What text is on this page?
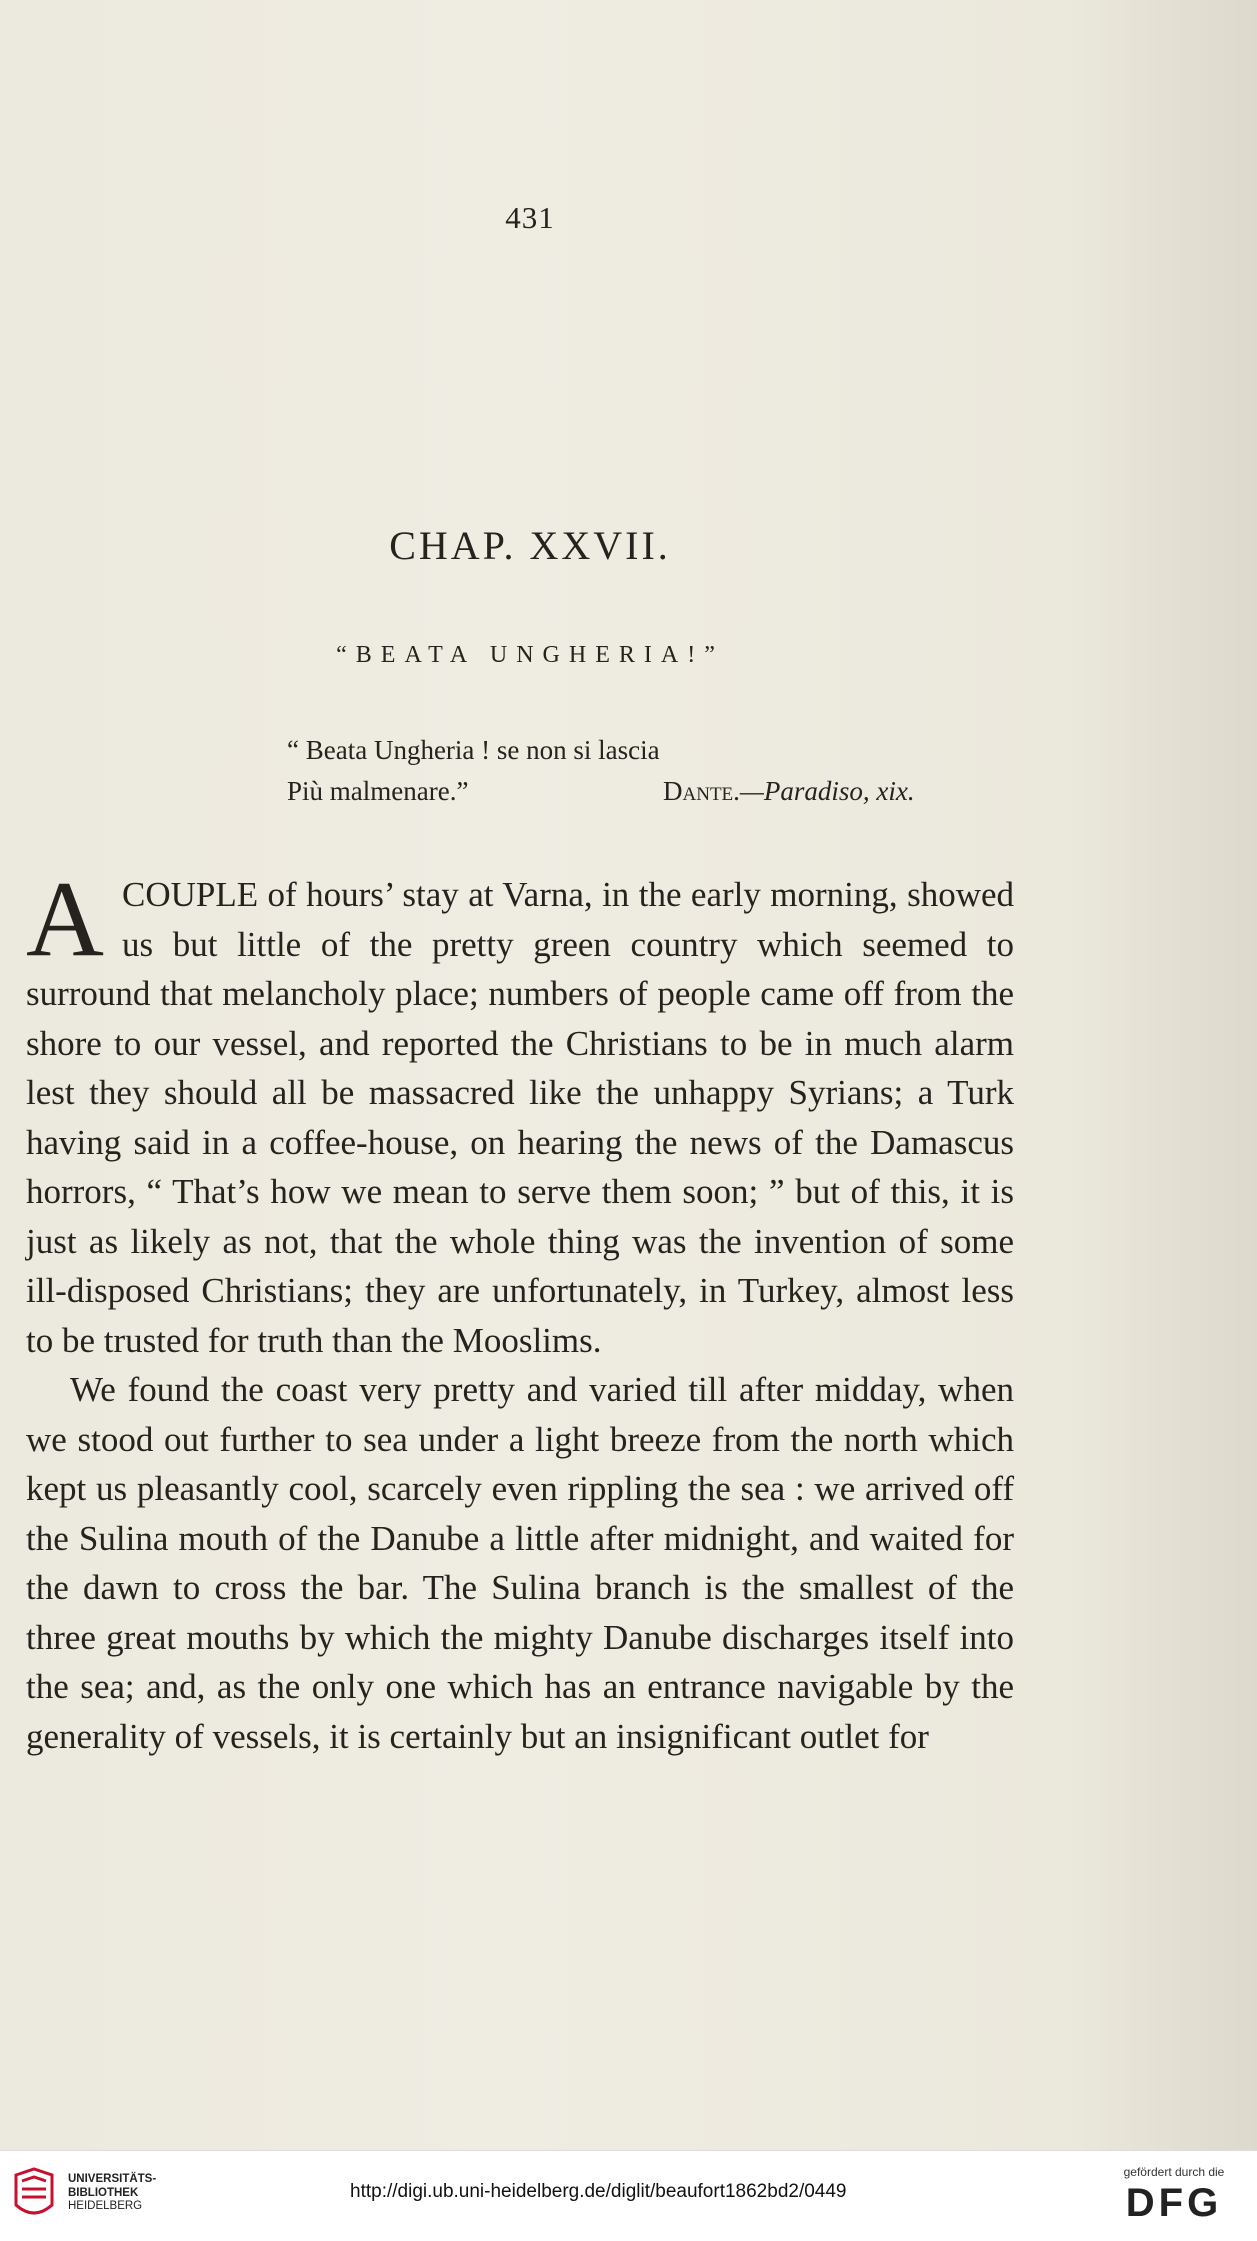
431
CHAP. XXVII.
“BEATA UNGHERIA!”
“ Beata Ungheria ! se non si lascia
Più malmenare.”	Dante.—Paradiso, xix.

ACOUPLE of hours’ stay at Varna, in the early morning, showed us but little of the pretty green country which seemed to surround that melancholy place; numbers of people came off from the shore to our vessel, and reported the Christians to be in much alarm lest they should all be massacred like the unhappy Syrians; a Turk having said in a coffee-house, on hearing the news of the Damascus horrors, “ That’s how we mean to serve them soon; ” but of this, it is just as likely as not, that the whole thing was the invention of some ill-disposed Christians; they are unfortunately, in Turkey, almost less to be trusted for truth than the Mooslims.

We found the coast very pretty and varied till after midday, when we stood out further to sea under a light breeze from the north which kept us pleasantly cool, scarcely even rippling the sea : we arrived off the Sulina mouth of the Danube a little after midnight, and waited for the dawn to cross the bar. The Sulina branch is the smallest of the three great mouths by which the mighty Danube discharges itself into the sea; and, as the only one which has an entrance navigable by the generality of vessels, it is certainly but an insignificant outlet for

UNIVERSITÄTS-
BIBLIOTHEK
HEIDELBERG
http://digi.ub.uni-heidelberg.de/diglit/beaufort1862bd2/0449
gefördert durch die
DFG
